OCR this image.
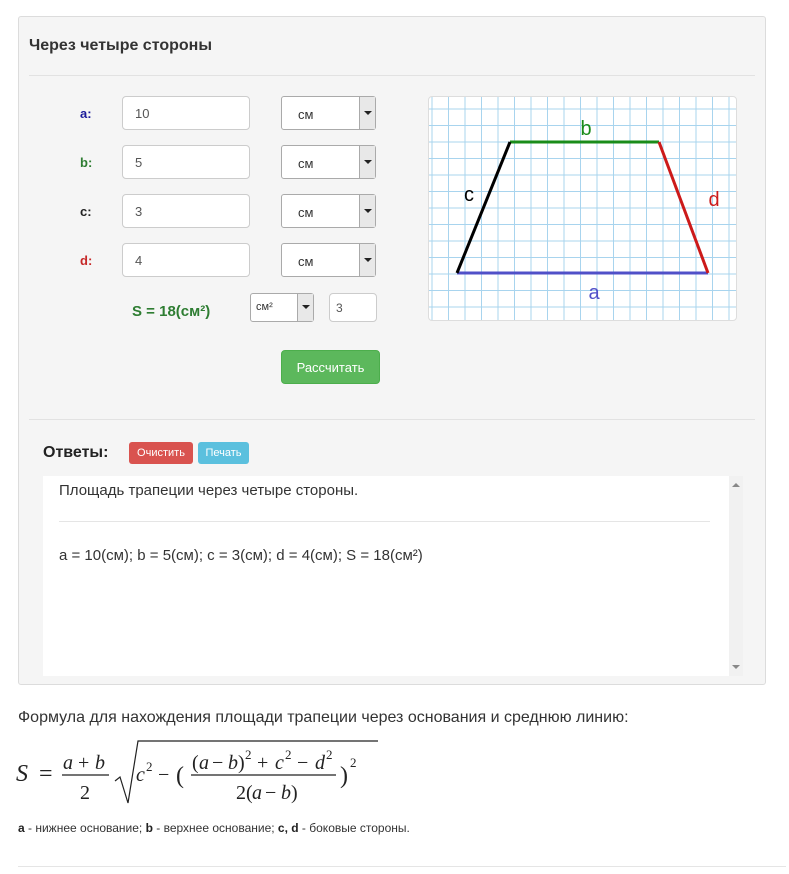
Через четыре стороны
a:	10	см
b:	5	см
c:	3	см
d:	4	см
S = 18(см²)	см²	3
Рассчитать
b
a
c	d
Ответы:	Очистить	Печать
Площадь трапеции через четыре стороны.
a = 10(см); b = 5(см); c = 3(см); d = 4(см); S = 18(см²)
Формула для нахождения площади трапеции через основания и среднюю линию:
S = a + b
2
c 2 − ( ( a − b ) 2 + c 2 − d 2
2( a − b )
)
2
a - нижнее основание; b - верхнее основание; c, d - боковые стороны.
